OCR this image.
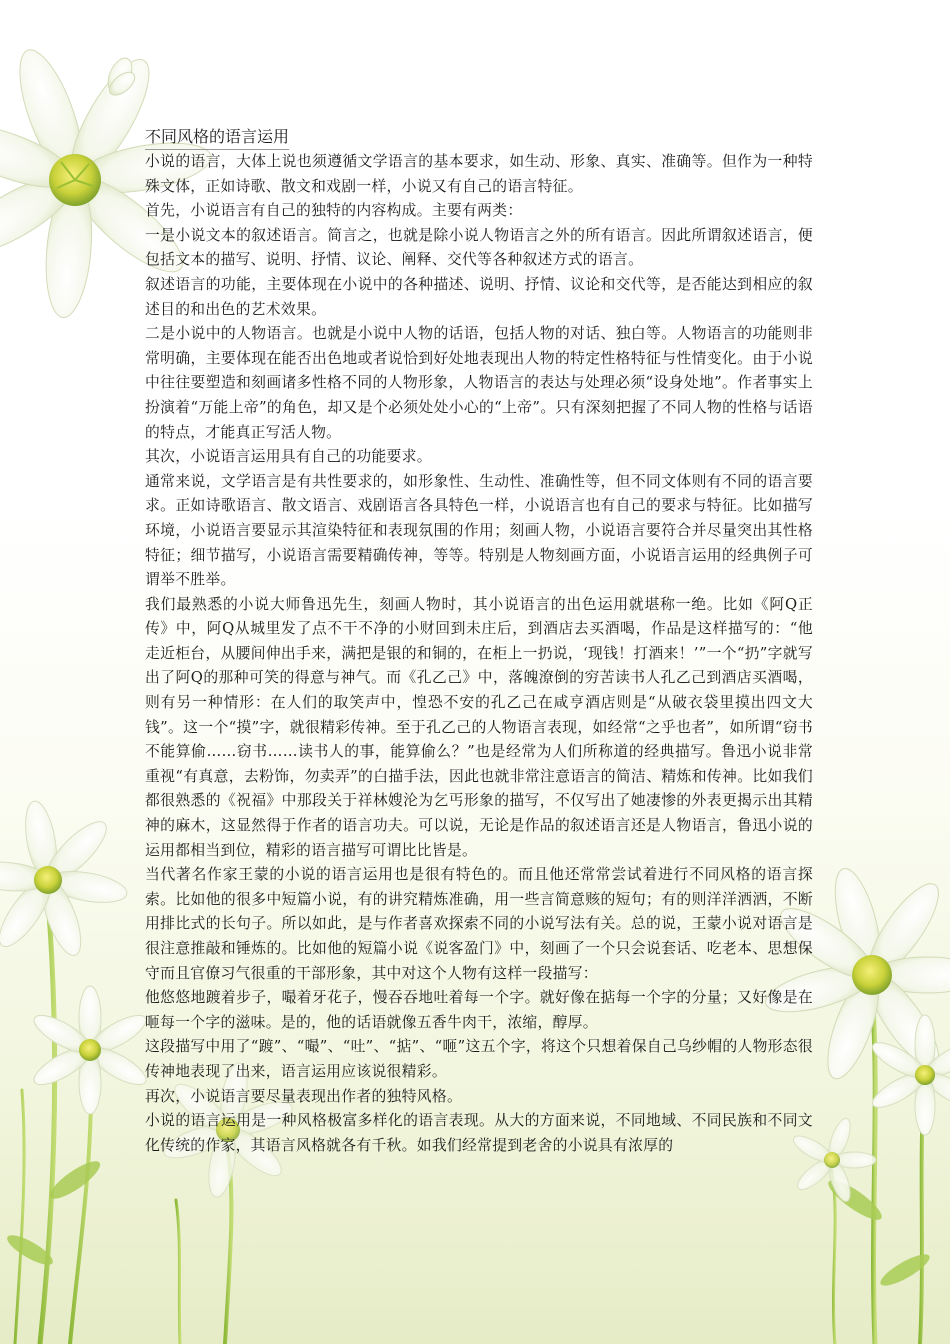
不同风格的语言运用

小说的语言，大体上说也须遵循文学语言的基本要求，如生动、形象、真实、准确等。但作为一种特殊文体，正如诗歌、散文和戏剧一样，小说又有自己的语言特征。

首先，小说语言有自己的独特的内容构成。主要有两类：

一是小说文本的叙述语言。简言之，也就是除小说人物语言之外的所有语言。因此所谓叙述语言，便包括文本的描写、说明、抒情、议论、阐释、交代等各种叙述方式的语言。

叙述语言的功能，主要体现在小说中的各种描述、说明、抒情、议论和交代等，是否能达到相应的叙述目的和出色的艺术效果。

二是小说中的人物语言。也就是小说中人物的话语，包括人物的对话、独白等。人物语言的功能则非常明确，主要体现在能否出色地或者说恰到好处地表现出人物的特定性格特征与性情变化。由于小说中往往要塑造和刻画诸多性格不同的人物形象，人物语言的表达与处理必须“设身处地”。作者事实上扮演着“万能上帝”的角色，却又是个必须处处小心的“上帝”。只有深刻把握了不同人物的性格与话语的特点，才能真正写活人物。

其次，小说语言运用具有自己的功能要求。

通常来说，文学语言是有共性要求的，如形象性、生动性、准确性等，但不同文体则有不同的语言要求。正如诗歌语言、散文语言、戏剧语言各具特色一样，小说语言也有自己的要求与特征。比如描写环境，小说语言要显示其渲染特征和表现氛围的作用；刻画人物，小说语言要符合并尽量突出其性格特征；细节描写，小说语言需要精确传神，等等。特别是人物刻画方面，小说语言运用的经典例子可谓举不胜举。

我们最熟悉的小说大师鲁迅先生，刻画人物时，其小说语言的出色运用就堪称一绝。比如《阿Q正传》中，阿Q从城里发了点不干不净的小财回到未庄后，到酒店去买酒喝，作品是这样描写的：“他走近柜台，从腰间伸出手来，满把是银的和铜的，在柜上一扔说，‘现钱！打酒来！’”一个“扔”字就写出了阿Q的那种可笑的得意与神气。而《孔乙己》中，落魄潦倒的穷苦读书人孔乙己到酒店买酒喝，则有另一种情形：在人们的取笑声中，惶恐不安的孔乙己在咸亨酒店则是“从破衣袋里摸出四文大钱”。这一个“摸”字，就很精彩传神。至于孔乙己的人物语言表现，如经常“之乎也者”，如所谓“窃书不能算偷……窃书……读书人的事，能算偷么？”也是经常为人们所称道的经典描写。鲁迅小说非常重视“有真意，去粉饰，勿卖弄”的白描手法，因此也就非常注意语言的简洁、精炼和传神。比如我们都很熟悉的《祝福》中那段关于祥林嫂沦为乞丐形象的描写，不仅写出了她凄惨的外表更揭示出其精神的麻木，这显然得于作者的语言功夫。可以说，无论是作品的叙述语言还是人物语言，鲁迅小说的运用都相当到位，精彩的语言描写可谓比比皆是。

当代著名作家王蒙的小说的语言运用也是很有特色的。而且他还常常尝试着进行不同风格的语言探索。比如他的很多中短篇小说，有的讲究精炼准确，用一些言简意赅的短句；有的则洋洋洒洒，不断用排比式的长句子。所以如此，是与作者喜欢探索不同的小说写法有关。总的说，王蒙小说对语言是很注意推敲和锤炼的。比如他的短篇小说《说客盈门》中，刻画了一个只会说套话、吃老本、思想保守而且官僚习气很重的干部形象，其中对这个人物有这样一段描写：

他悠悠地踱着步子，嘬着牙花子，慢吞吞地吐着每一个字。就好像在掂每一个字的分量；又好像是在咂每一个字的滋味。是的，他的话语就像五香牛肉干，浓缩，醇厚。

这段描写中用了“踱”、“嘬”、“吐”、“掂”、“咂”这五个字，将这个只想着保自己乌纱帽的人物形态很传神地表现了出来，语言运用应该说很精彩。

再次，小说语言要尽量表现出作者的独特风格。

小说的语言运用是一种风格极富多样化的语言表现。从大的方面来说，不同地域、不同民族和不同文化传统的作家，其语言风格就各有千秋。如我们经常提到老舍的小说具有浓厚的
